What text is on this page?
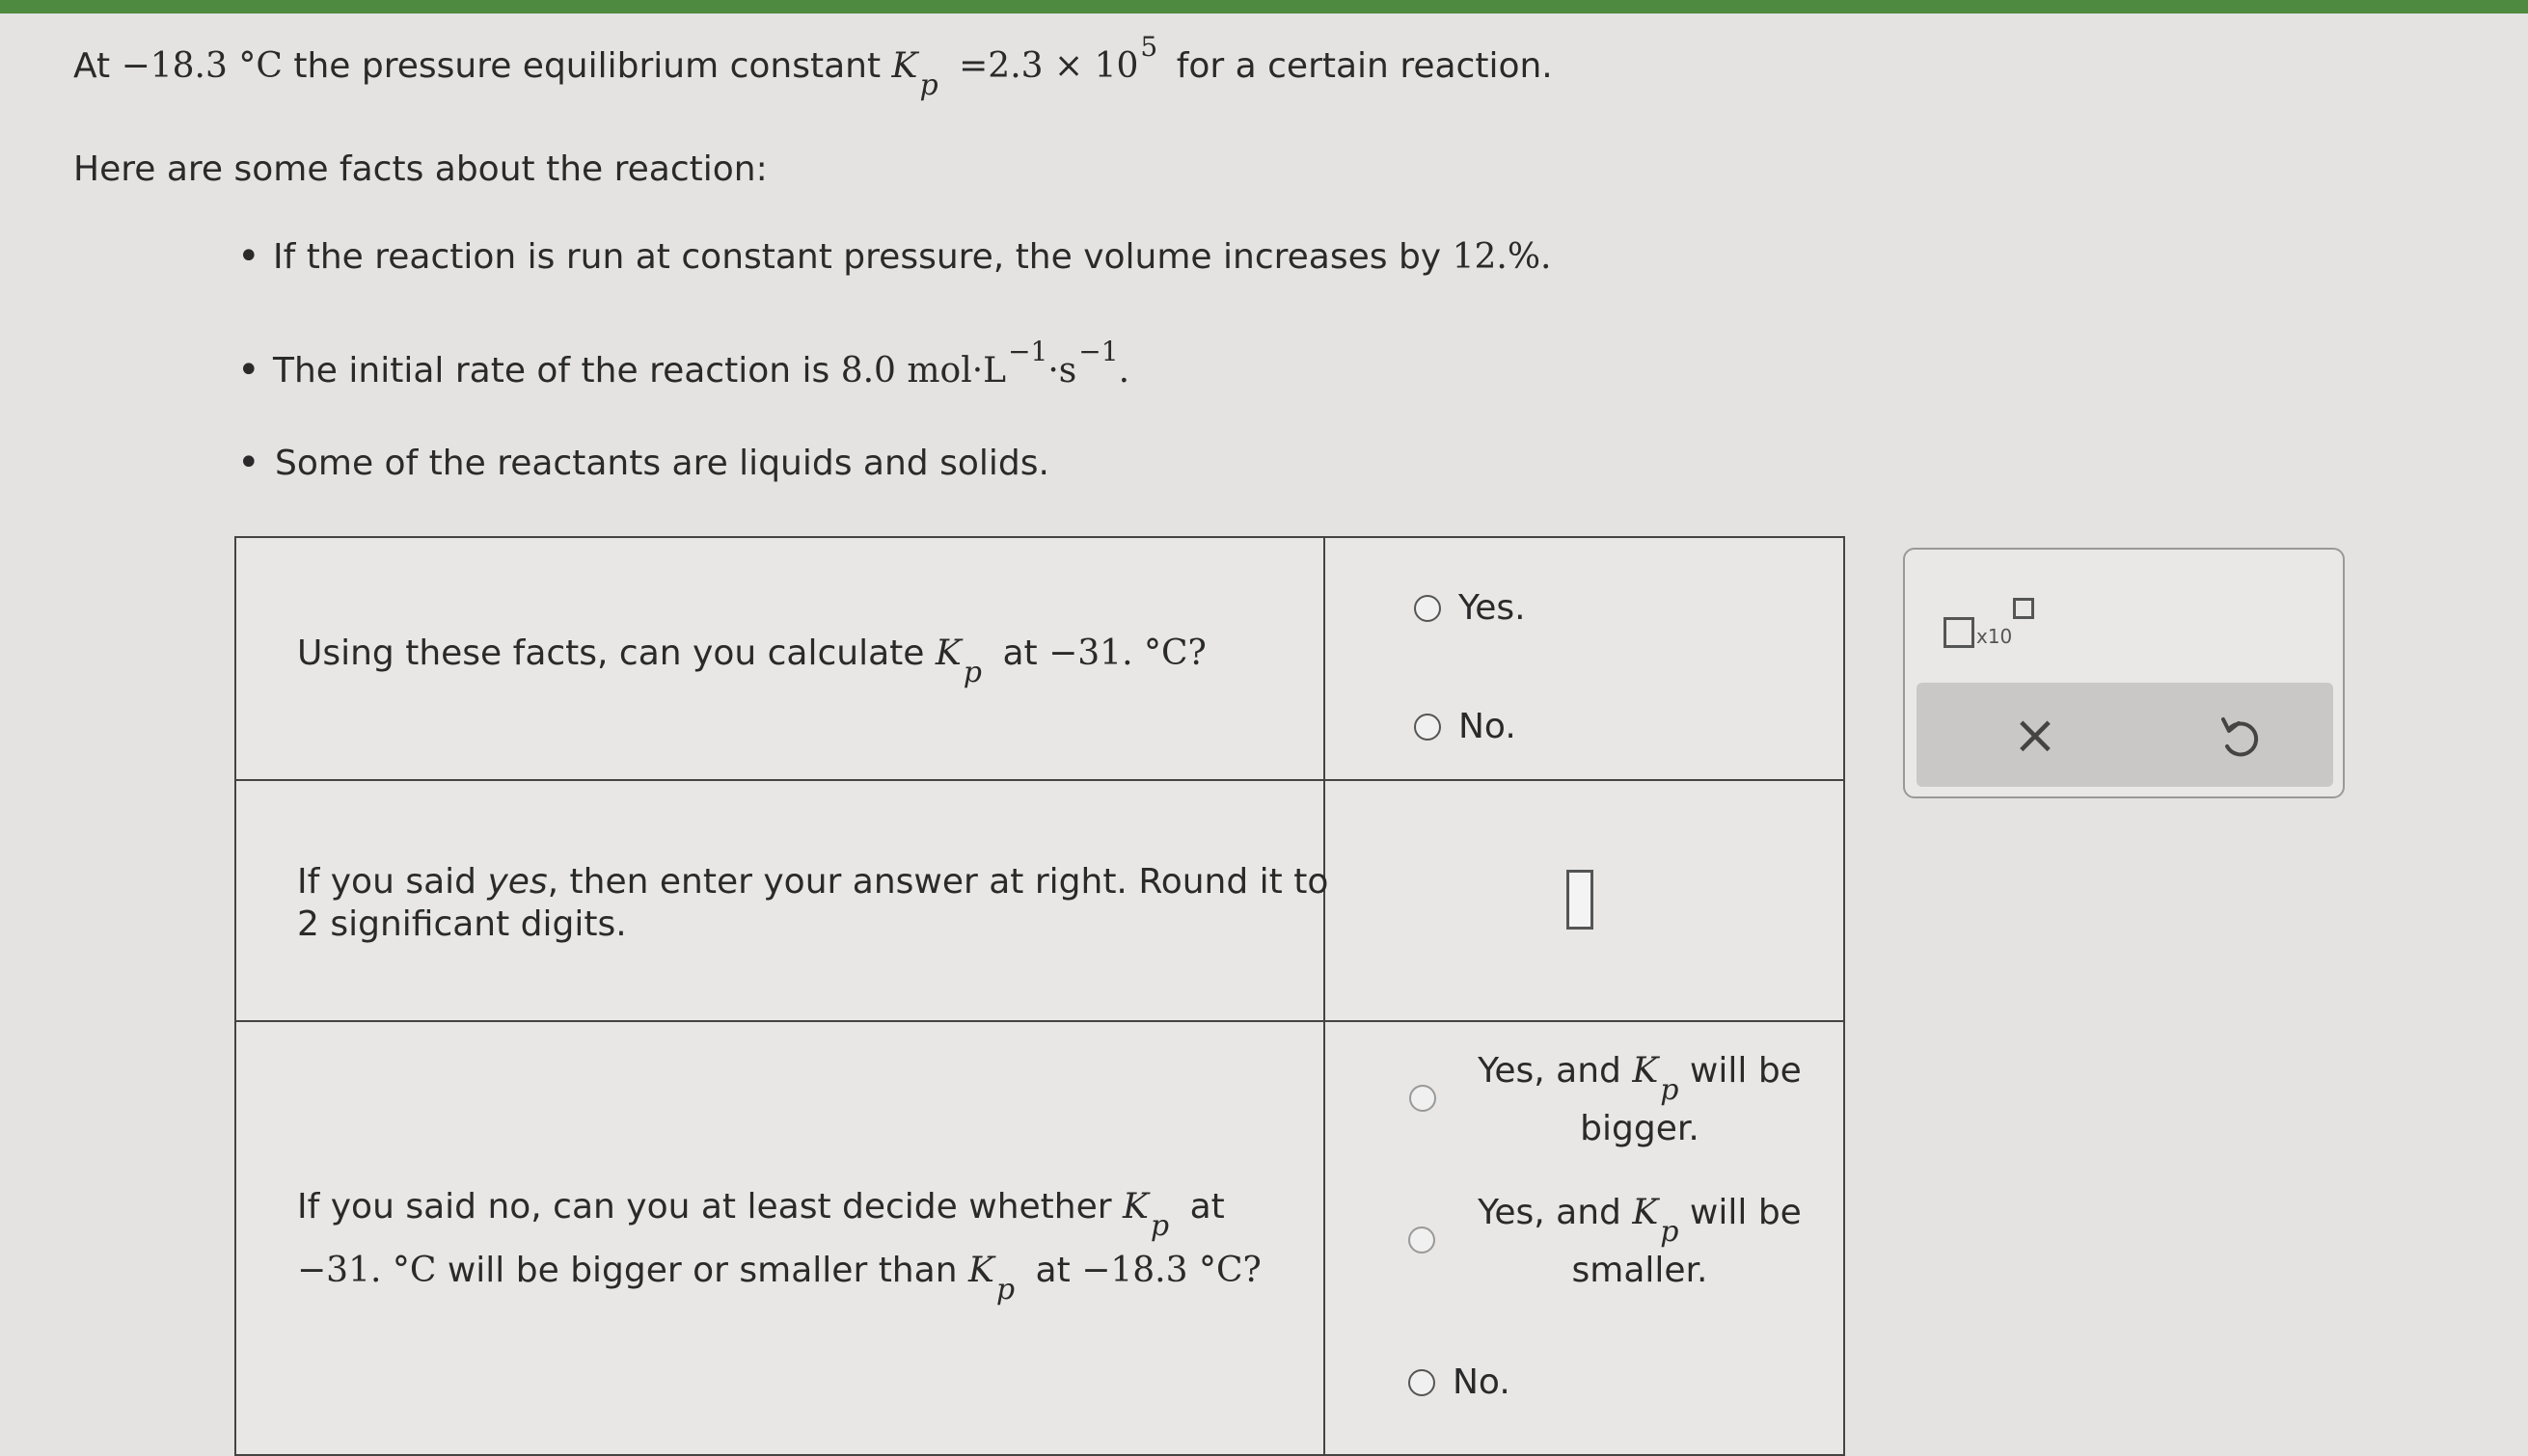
At −18.3 °C the pressure equilibrium constant $K_p =2.3 \times 10^5$ for a certain reaction.
Here are some facts about the reaction:
• If the reaction is run at constant pressure, the volume increases by 12.%.
• The initial rate of the reaction is 8.0 $mol\cdot L^{-1}\cdot s^{-1}$.
• Some of the reactants are liquids and solids.
Using these facts, can you calculate $K_p$ at −31. °C?
Yes.
No.
If you said yes, then enter your answer at right. Round it to
2 significant digits.
If you said no, can you at least decide whether $K_p$ at
−31. °C will be bigger or smaller than $K_p$ at −18.3 °C?
Yes, and $K_p$ will be
bigger.
Yes, and $K_p$ will be
smaller.
No.
x10
×
